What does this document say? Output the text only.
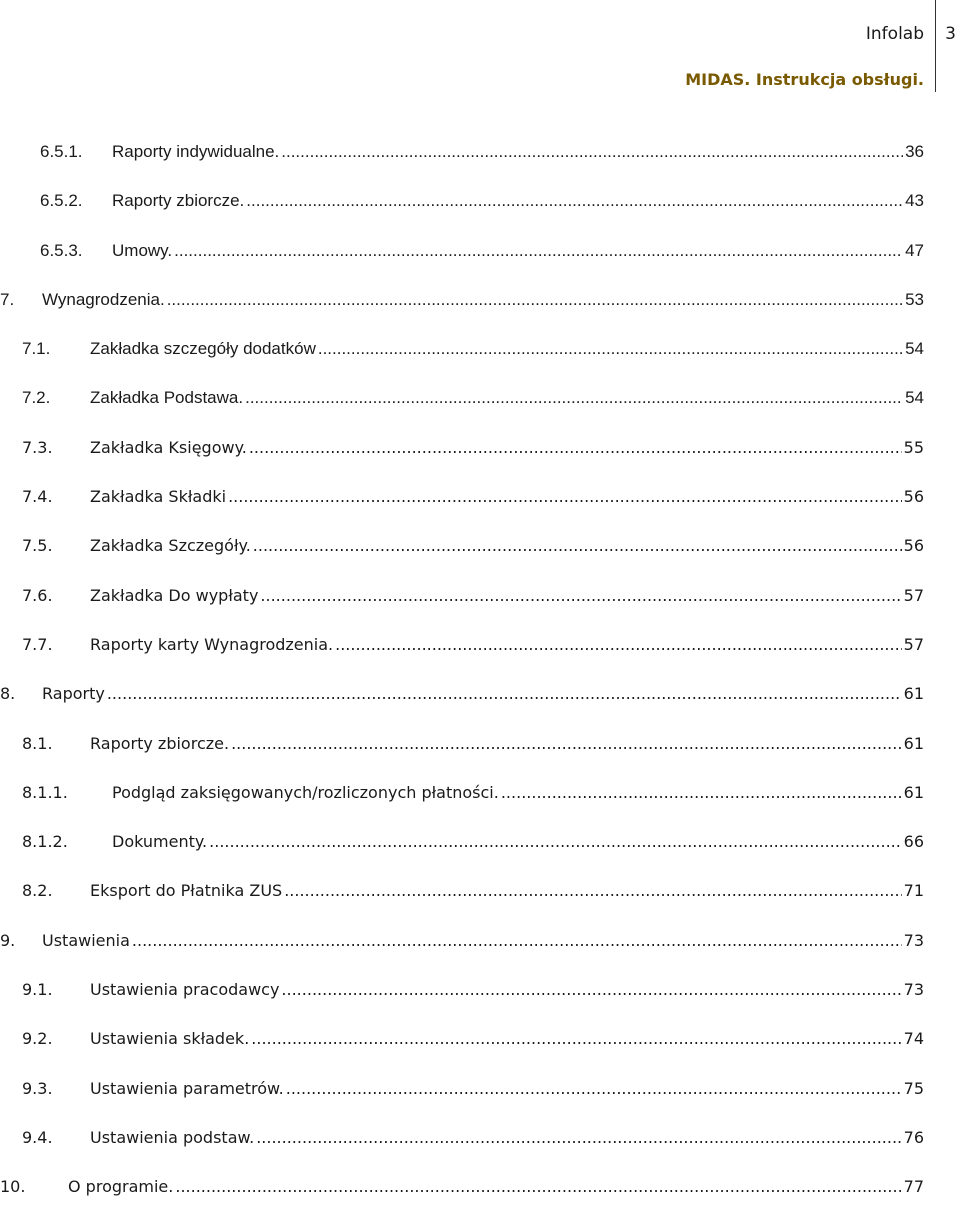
Infolab 3
MIDAS. Instrukcja obsługi.
6.5.1.	Raporty indywidualne. .....	36
6.5.2.	Raporty zbiorcze. .....	43
6.5.3.	Umowy. .....	47
7.	Wynagrodzenia. .....	53
7.1.	Zakładka szczegóły dodatków .....	54
7.2.	Zakładka Podstawa. .....	54
7.3.	Zakładka Księgowy. .....	55
7.4.	Zakładka Składki .....	56
7.5.	Zakładka Szczegóły. .....	56
7.6.	Zakładka Do wypłaty .....	57
7.7.	Raporty karty Wynagrodzenia. .....	57
8.	Raporty .....	61
8.1.	Raporty zbiorcze. .....	61
8.1.1.	Podgląd zaksięgowanych/rozliczonych płatności. .....	61
8.1.2.	Dokumenty. .....	66
8.2.	Eksport do Płatnika ZUS .....	71
9.	Ustawienia .....	73
9.1.	Ustawienia pracodawcy .....	73
9.2.	Ustawienia składek. .....	74
9.3.	Ustawienia parametrów. .....	75
9.4.	Ustawienia podstaw. .....	76
10.	O programie. .....	77
